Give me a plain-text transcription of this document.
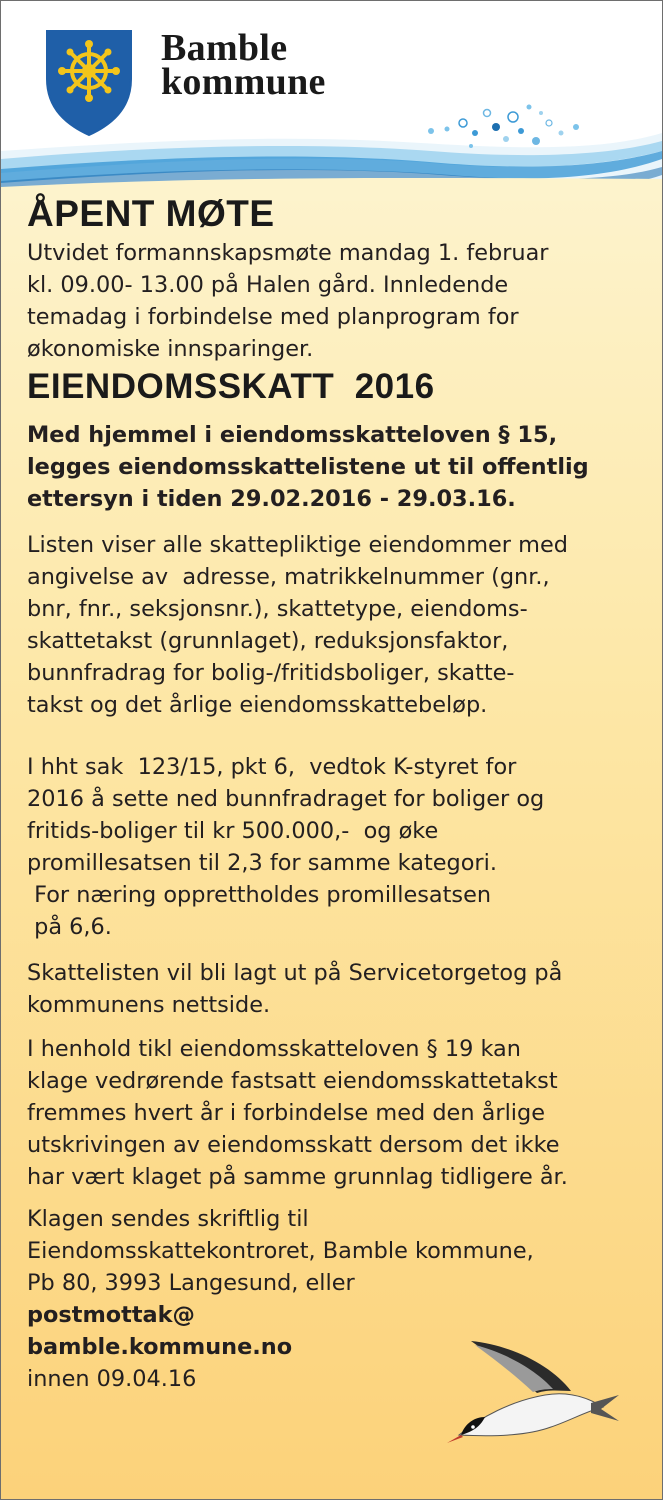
Bamble
kommune
ÅPENT MØTE

Utvidet formannskapsmøte mandag 1. februar

kl. 09.00- 13.00 på Halen gård. Innledende

temadag i forbindelse med planprogram for

økonomiske innsparinger.

EIENDOMSSKATT  2016

Med hjemmel i eiendomsskatteloven § 15,

legges eiendomsskattelistene ut til offentlig

ettersyn i tiden 29.02.2016 - 29.03.16.

Listen viser alle skattepliktige eiendommer med

angivelse av  adresse, matrikkelnummer (gnr.,

bnr, fnr., seksjonsnr.), skattetype, eiendoms-

skattetakst (grunnlaget), reduksjonsfaktor,

bunnfradrag for bolig-/fritidsboliger, skatte-

takst og det årlige eiendomsskattebeløp.

I hht sak  123/15, pkt 6,  vedtok K-styret for

2016 å sette ned bunnfradraget for boliger og

fritids-boliger til kr 500.000,-  og øke

promillesatsen til 2,3 for samme kategori.

For næring opprettholdes promillesatsen

på 6,6.

Skattelisten vil bli lagt ut på Servicetorgetog på

kommunens nettside.

I henhold tikl eiendomsskatteloven § 19 kan

klage vedrørende fastsatt eiendomsskattetakst

fremmes hvert år i forbindelse med den årlige

utskrivingen av eiendomsskatt dersom det ikke

har vært klaget på samme grunnlag tidligere år.

Klagen sendes skriftlig til

Eiendomsskattekontroret, Bamble kommune,

Pb 80, 3993 Langesund, eller

postmottak@

bamble.kommune.no

innen 09.04.16
